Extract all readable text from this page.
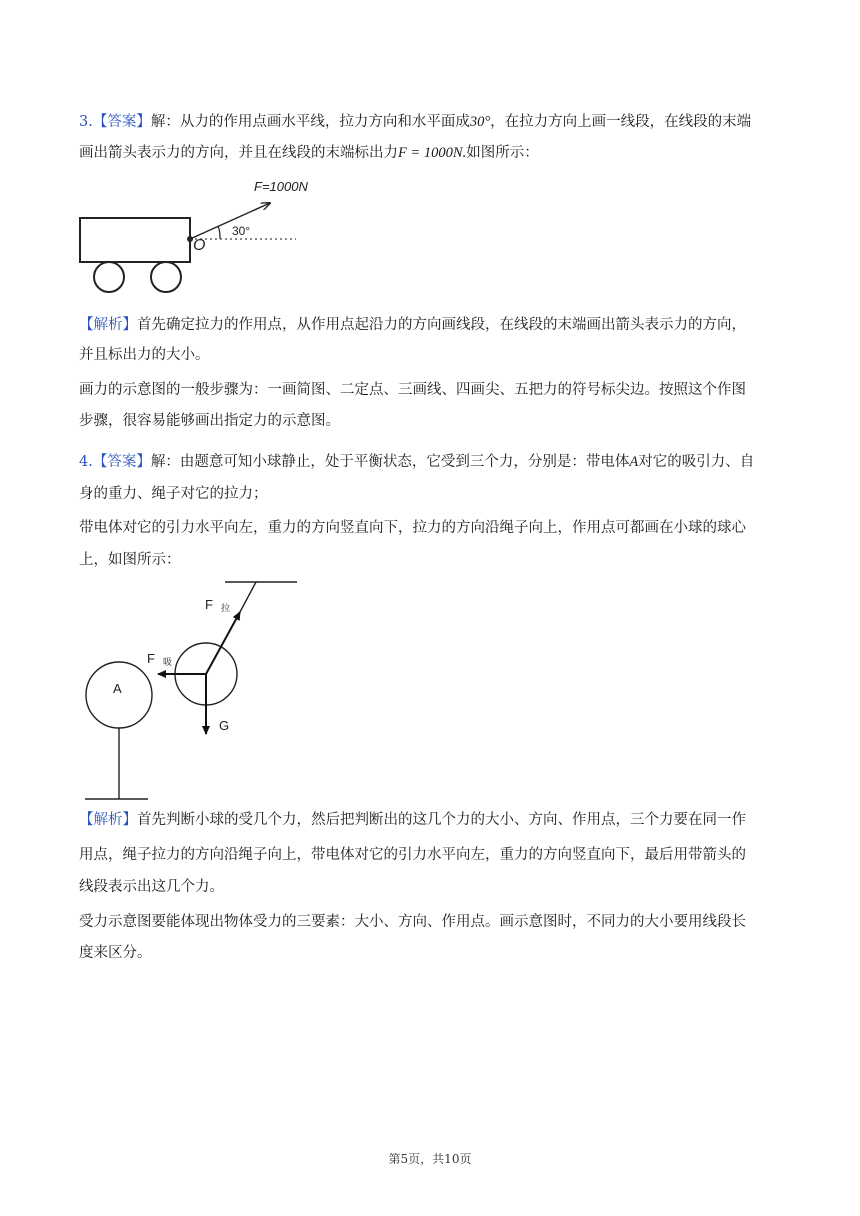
3.【答案】解：从力的作用点画水平线，拉力方向和水平面成30°，在拉力方向上画一线段，在线段的末端
画出箭头表示力的方向，并且在线段的末端标出力F = 1000N.如图所示：
F=1000N
O
30°
【解析】首先确定拉力的作用点，从作用点起沿力的方向画线段，在线段的末端画出箭头表示力的方向，
并且标出力的大小。
画力的示意图的一般步骤为：一画简图、二定点、三画线、四画尖、五把力的符号标尖边。按照这个作图
步骤，很容易能够画出指定力的示意图。
4.【答案】解：由题意可知小球静止，处于平衡状态，它受到三个力，分别是：带电体A对它的吸引力、自
身的重力、绳子对它的拉力；
带电体对它的引力水平向左，重力的方向竖直向下，拉力的方向沿绳子向上，作用点可都画在小球的球心
上，如图所示：
F 拉
F 吸
A
G
【解析】首先判断小球的受几个力，然后把判断出的这几个力的大小、方向、作用点，三个力要在同一作
用点，绳子拉力的方向沿绳子向上，带电体对它的引力水平向左，重力的方向竖直向下，最后用带箭头的
线段表示出这几个力。
受力示意图要能体现出物体受力的三要素：大小、方向、作用点。画示意图时，不同力的大小要用线段长
度来区分。
第5页，共10页
